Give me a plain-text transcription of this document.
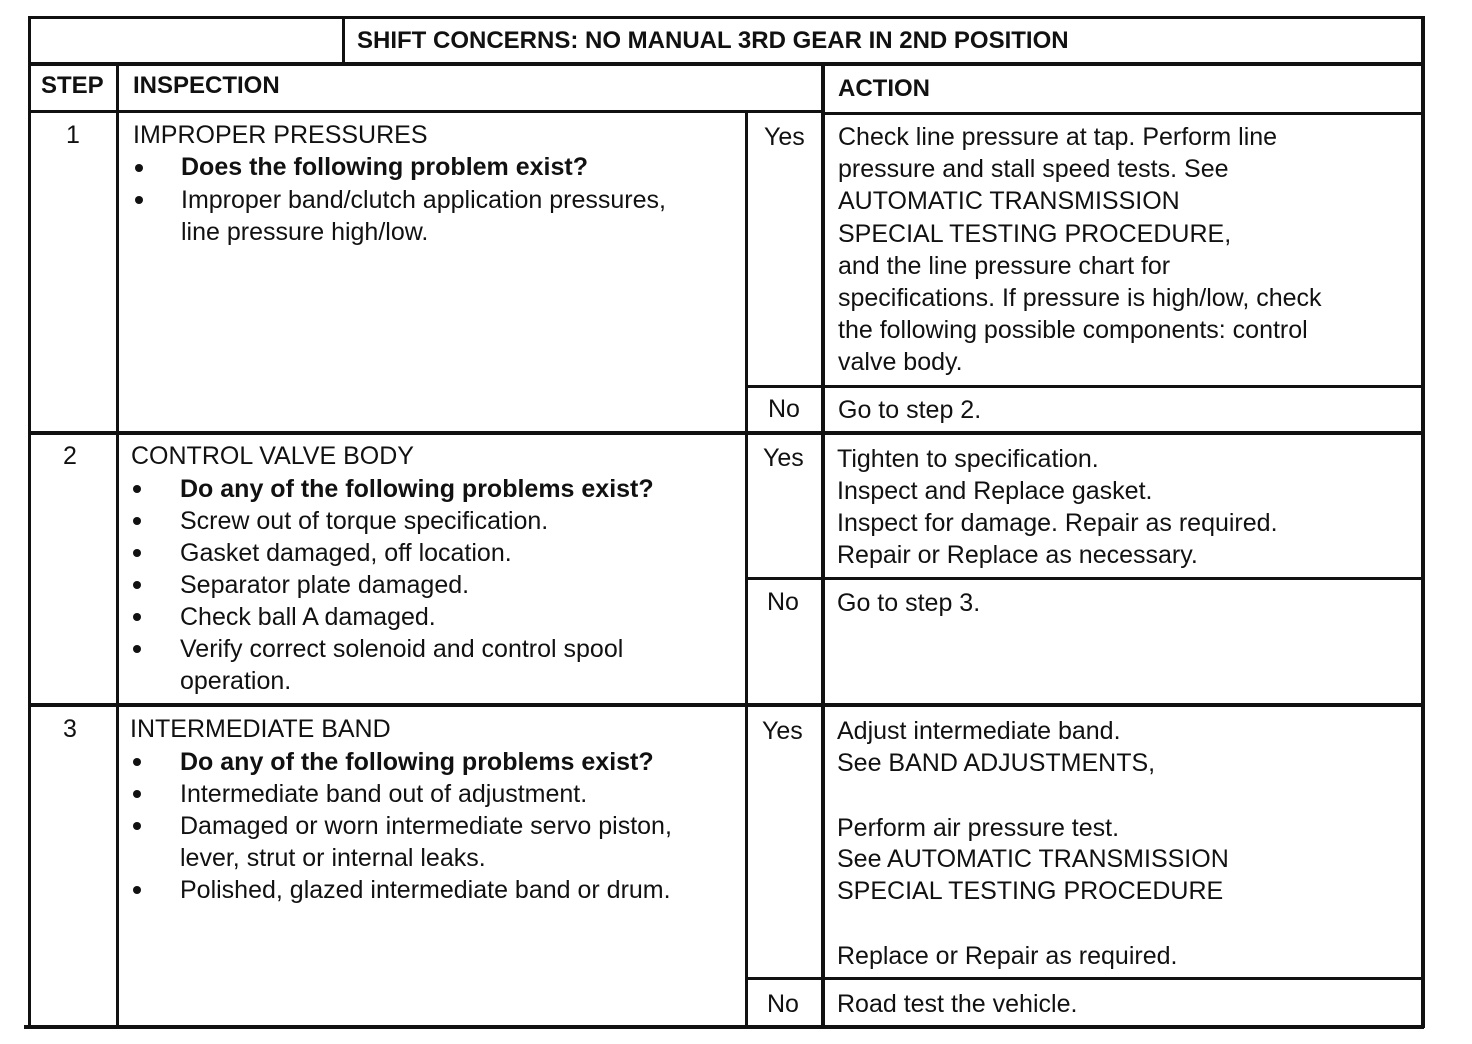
SHIFT CONCERNS: NO MANUAL 3RD GEAR IN 2ND POSITION
STEP INSPECTION	ACTION
1 IMPROPER PRESSURES
Does the following problem exist?
Improper band/clutch application pressures,
line pressure high/low.
Yes Check line pressure at tap. Perform line
pressure and stall speed tests. See
AUTOMATIC TRANSMISSION
SPECIAL TESTING PROCEDURE,
and the line pressure chart for
specifications. If pressure is high/low, check
the following possible components: control
valve body.
No Go to step 2.
2 CONTROL VALVE BODY
Do any of the following problems exist?
Screw out of torque specification.
Gasket damaged, off location.
Separator plate damaged.
Check ball A damaged.
Verify correct solenoid and control spool
operation.
Yes Tighten to specification.
Inspect and Replace gasket.
Inspect for damage. Repair as required.
Repair or Replace as necessary.
No Go to step 3.
3 INTERMEDIATE BAND
Do any of the following problems exist?
Intermediate band out of adjustment.
Damaged or worn intermediate servo piston,
lever, strut or internal leaks.
Polished, glazed intermediate band or drum.
Yes Adjust intermediate band.
See BAND ADJUSTMENTS,
Perform air pressure test.
See AUTOMATIC TRANSMISSION
SPECIAL TESTING PROCEDURE
Replace or Repair as required.
No Road test the vehicle.
